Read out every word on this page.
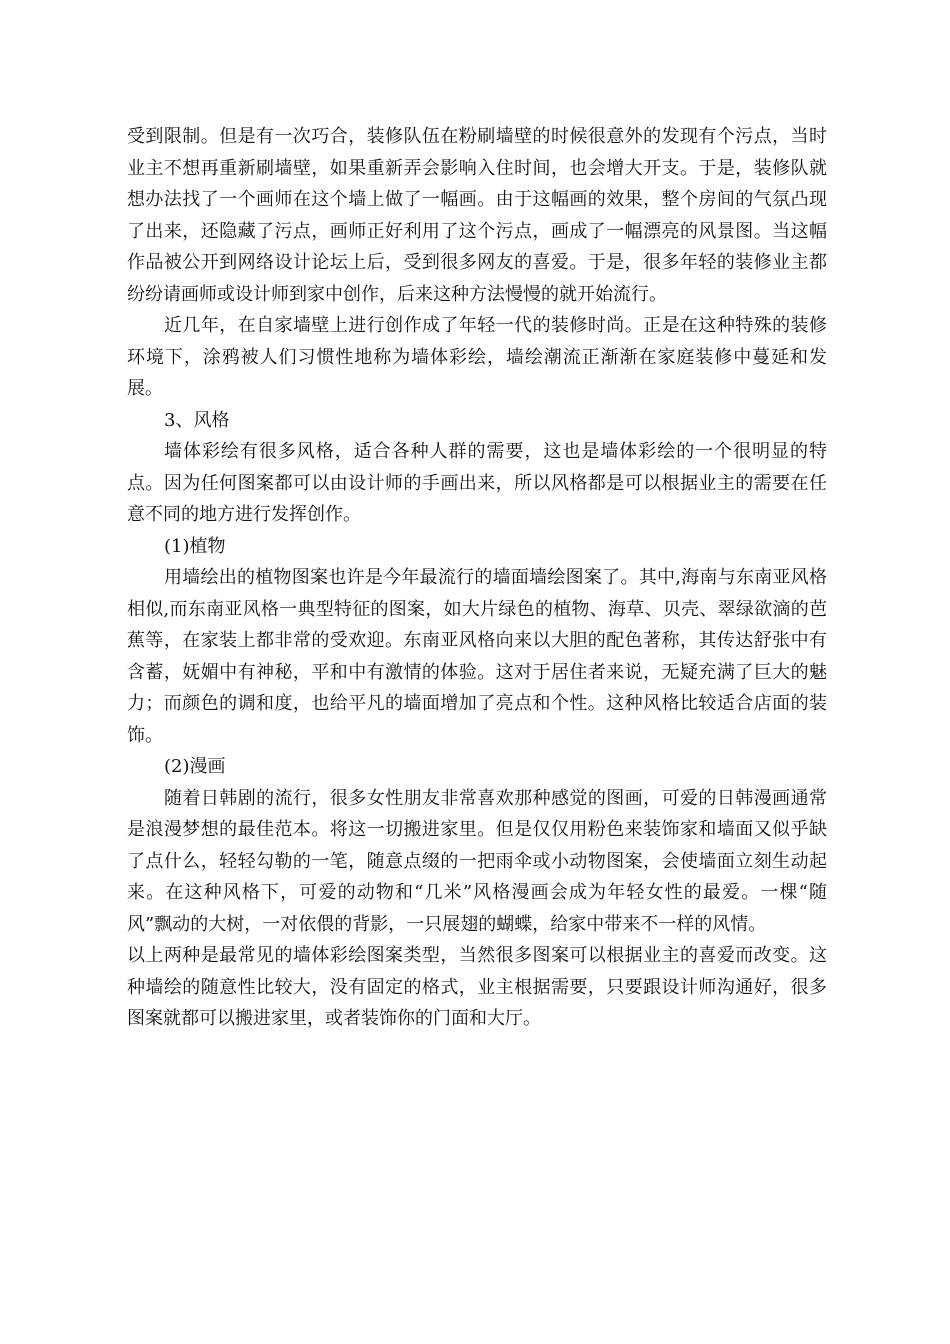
受到限制。但是有一次巧合，装修队伍在粉刷墙壁的时候很意外的发现有个污点，当时业主不想再重新刷墙壁，如果重新弄会影响入住时间，也会增大开支。于是，装修队就想办法找了一个画师在这个墙上做了一幅画。由于这幅画的效果，整个房间的气氛凸现了出来，还隐藏了污点，画师正好利用了这个污点，画成了一幅漂亮的风景图。当这幅作品被公开到网络设计论坛上后，受到很多网友的喜爱。于是，很多年轻的装修业主都纷纷请画师或设计师到家中创作，后来这种方法慢慢的就开始流行。

近几年，在自家墙壁上进行创作成了年轻一代的装修时尚。正是在这种特殊的装修环境下，涂鸦被人们习惯性地称为墙体彩绘，墙绘潮流正渐渐在家庭装修中蔓延和发展。

3、风格

墙体彩绘有很多风格，适合各种人群的需要，这也是墙体彩绘的一个很明显的特点。因为任何图案都可以由设计师的手画出来，所以风格都是可以根据业主的需要在任意不同的地方进行发挥创作。

(1)植物

用墙绘出的植物图案也许是今年最流行的墙面墙绘图案了。其中,海南与东南亚风格相似,而东南亚风格一典型特征的图案，如大片绿色的植物、海草、贝壳、翠绿欲滴的芭蕉等，在家装上都非常的受欢迎。东南亚风格向来以大胆的配色著称，其传达舒张中有含蓄，妩媚中有神秘，平和中有激情的体验。这对于居住者来说，无疑充满了巨大的魅力；而颜色的调和度，也给平凡的墙面增加了亮点和个性。这种风格比较适合店面的装饰。

(2)漫画

随着日韩剧的流行，很多女性朋友非常喜欢那种感觉的图画，可爱的日韩漫画通常是浪漫梦想的最佳范本。将这一切搬进家里。但是仅仅用粉色来装饰家和墙面又似乎缺了点什么，轻轻勾勒的一笔，随意点缀的一把雨伞或小动物图案，会使墙面立刻生动起来。在这种风格下，可爱的动物和“几米”风格漫画会成为年轻女性的最爱。一棵“随风”飘动的大树，一对依偎的背影，一只展翅的蝴蝶，给家中带来不一样的风情。

以上两种是最常见的墙体彩绘图案类型，当然很多图案可以根据业主的喜爱而改变。这种墙绘的随意性比较大，没有固定的格式，业主根据需要，只要跟设计师沟通好，很多图案就都可以搬进家里，或者装饰你的门面和大厅。
